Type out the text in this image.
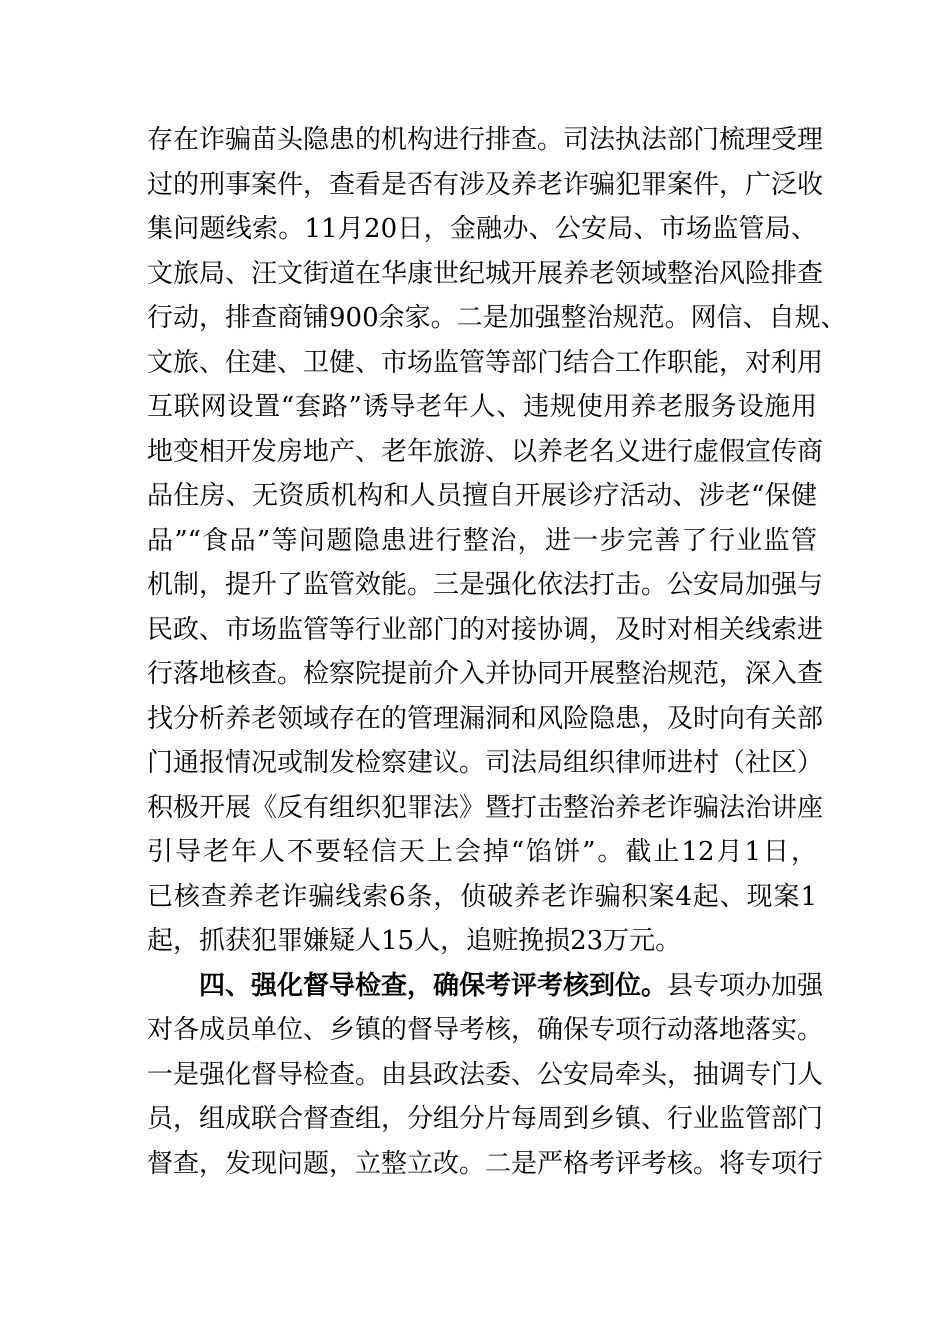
存在诈骗苗头隐患的机构进行排查。司法执法部门梳理受理
过的刑事案件，查看是否有涉及养老诈骗犯罪案件，广泛收
集问题线索。11月20日，金融办、公安局、市场监管局、
文旅局、汪文街道在华康世纪城开展养老领域整治风险排查
行动，排查商铺900余家。二是加强整治规范。网信、自规、
文旅、住建、卫健、市场监管等部门结合工作职能，对利用
互联网设置“套路”诱导老年人、违规使用养老服务设施用
地变相开发房地产、老年旅游、以养老名义进行虚假宣传商
品住房、无资质机构和人员擅自开展诊疗活动、涉老“保健
品”“食品”等问题隐患进行整治，进一步完善了行业监管
机制，提升了监管效能。三是强化依法打击。公安局加强与
民政、市场监管等行业部门的对接协调，及时对相关线索进
行落地核查。检察院提前介入并协同开展整治规范，深入查
找分析养老领域存在的管理漏洞和风险隐患，及时向有关部
门通报情况或制发检察建议。司法局组织律师进村（社区）
积极开展《反有组织犯罪法》暨打击整治养老诈骗法治讲座
引导老年人不要轻信天上会掉“馅饼”。截止12月1日，
已核查养老诈骗线索6条，侦破养老诈骗积案4起、现案1
起，抓获犯罪嫌疑人15人，追赃挽损23万元。
四、强化督导检查，确保考评考核到位。县专项办加强
对各成员单位、乡镇的督导考核，确保专项行动落地落实。
一是强化督导检查。由县政法委、公安局牵头，抽调专门人
员，组成联合督查组，分组分片每周到乡镇、行业监管部门
督查，发现问题，立整立改。二是严格考评考核。将专项行
